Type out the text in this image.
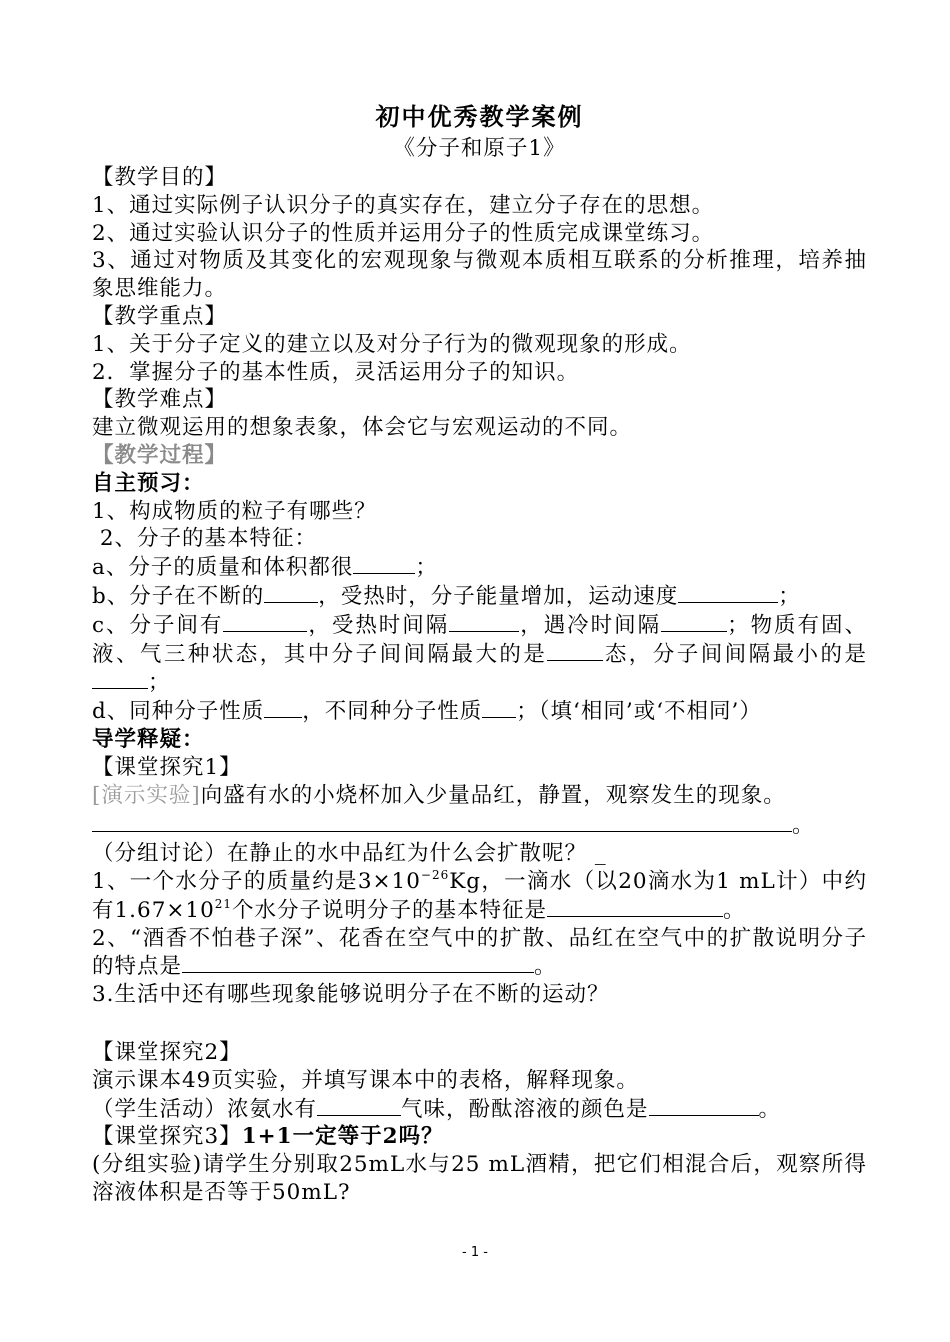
初中优秀教学案例
《分子和原子1》
【教学目的】
1、通过实际例子认识分子的真实存在，建立分子存在的思想。
2、通过实验认识分子的性质并运用分子的性质完成课堂练习。
3、通过对物质及其变化的宏观现象与微观本质相互联系的分析推理，培养抽象思维能力。
【教学重点】
1、关于分子定义的建立以及对分子行为的微观现象的形成。
2．掌握分子的基本性质，灵活运用分子的知识。
【教学难点】
建立微观运用的想象表象，体会它与宏观运动的不同。
【教学过程】
自主预习：
1、构成物质的粒子有哪些？
2、分子的基本特征：
a、分子的质量和体积都很	；
b、分子在不断的	，受热时，分子能量增加，运动速度	；
c、分子间有	，受热时间隔	，遇冷时间隔	；物质有固、液、气三种状态，其中分子间间隔最大的是	态，分子间间隔最小的是；
d、同种分子性质 ，不同种分子性质 ；（填‘相同’或‘不相同’）
导学释疑：
【课堂探究1】
[演示实验]向盛有水的小烧杯加入少量品红，静置，观察发生的现象。
。
（分组讨论）在静止的水中品红为什么会扩散呢？ _
1、一个水分子的质量约是$3\times 10^{-26}Kg$，一滴水（以20滴水为1 mL计）中约有$1.67\times 10^{21}$个水分子说明分子的基本特征是	。
2、“酒香不怕巷子深”、花香在空气中的扩散、品红在空气中的扩散说明分子的特点是	。
3.生活中还有哪些现象能够说明分子在不断的运动？
【课堂探究2】
演示课本49页实验，并填写课本中的表格，解释现象。
（学生活动）浓氨水有	气味，酚酞溶液的颜色是	。
【课堂探究3】1+1一定等于2吗？
(分组实验)请学生分别取25mL水与25 mL酒精，把它们相混合后，观察所得溶液体积是否等于50mL?
- 1 -
